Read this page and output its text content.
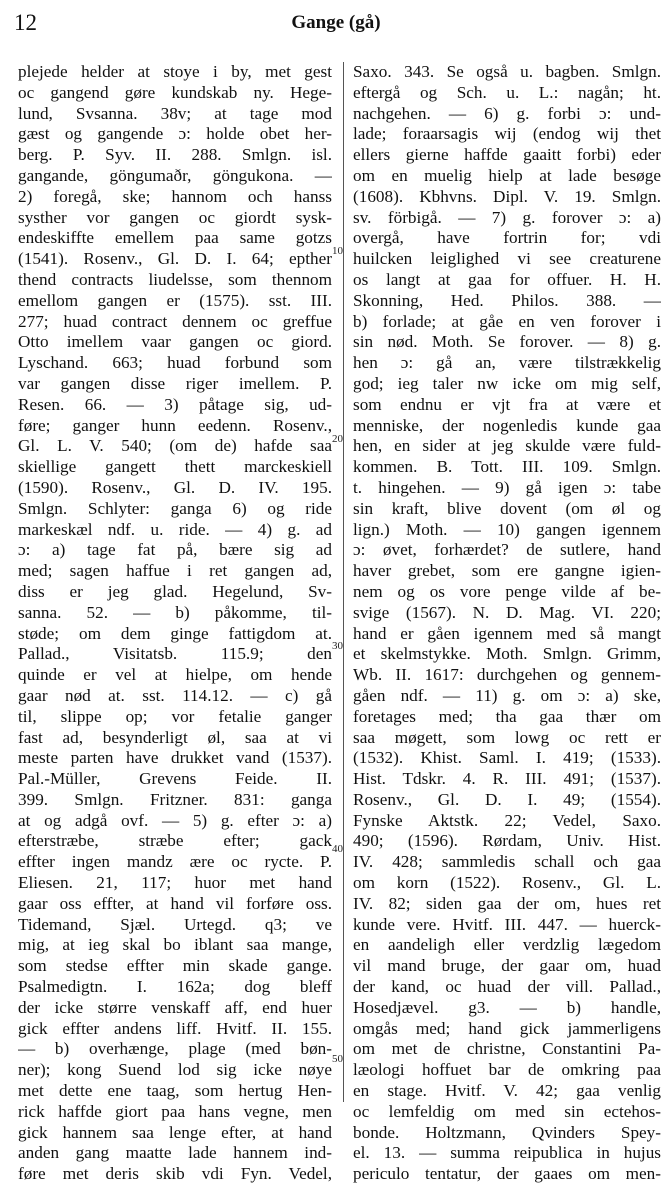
12	Gange (gå)
plejede helder at stoye i by, met gest
oc gangend gøre kundskab ny. Hege-
lund, Svsanna. 38v; at tage mod
gæst og gangende ɔ: holde obet her-
berg. P. Syv. II. 288. Smlgn. isl.
gangande, göngumaðr, göngukona. —
2) foregå, ske; hannom och hanss
systher vor gangen oc giordt sysk-
endeskiffte emellem paa same gotzs
(1541). Rosenv., Gl. D. I. 64; epther
thend contracts liudelsse, som thennom
emellom gangen er (1575). sst. III.
277; huad contract dennem oc greffue
Otto imellem vaar gangen oc giord.
Lyschand. 663; huad forbund som
var gangen disse riger imellem. P.
Resen. 66. — 3) påtage sig, ud-
føre; ganger hunn eedenn. Rosenv.,
Gl. L. V. 540; (om de) hafde saa
skiellige gangett thett marckeskiell
(1590). Rosenv., Gl. D. IV. 195.
Smlgn. Schlyter: ganga 6) og ride
markeskæl ndf. u. ride. — 4) g. ad
ɔ: a) tage fat på, bære sig ad
med; sagen haffue i ret gangen ad,
diss er jeg glad. Hegelund, Sv-
sanna. 52. — b) påkomme, til-
støde; om dem ginge fattigdom at.
Pallad., Visitatsb. 115.9; den
quinde er vel at hielpe, om hende
gaar nød at. sst. 114.12. — c) gå
til, slippe op; vor fetalie ganger
fast ad, besynderligt øl, saa at vi
meste parten have drukket vand (1537).
Pal.-Müller, Grevens Feide. II.
399. Smlgn. Fritzner. 831: ganga
at og adgå ovf. — 5) g. efter ɔ: a)
efterstræbe, stræbe efter; gack
effter ingen mandz ære oc rycte. P.
Eliesen. 21, 117; huor met hand
gaar oss effter, at hand vil forføre oss.
Tidemand, Sjæl. Urtegd. q3; ve
mig, at ieg skal bo iblant saa mange,
som stedse effter min skade gange.
Psalmedigtn. I. 162a; dog bleff
der icke større venskaff aff, end huer
gick effter andens liff. Hvitf. II. 155.
— b) overhænge, plage (med bøn-
ner); kong Suend lod sig icke nøye
met dette ene taag, som hertug Hen-
rick haffde giort paa hans vegne, men
gick hannem saa lenge efter, at hand
anden gang maatte lade hannem ind-
føre met deris skib vdi Fyn. Vedel,
Saxo. 343. Se også u. bagben. Smlgn.
eftergå og Sch. u. L.: nagån; ht.
nachgehen. — 6) g. forbi ɔ: und-
lade; foraarsagis wij (endog wij thet
ellers gierne haffde gaaitt forbi) eder
om en muelig hielp at lade besøge
(1608). Kbhvns. Dipl. V. 19. Smlgn.
sv. förbigå. — 7) g. forover ɔ: a)
overgå, have fortrin for; vdi
huilcken leiglighed vi see creaturene
os langt at gaa for offuer. H. H.
Skonning, Hed. Philos. 388. —
b) forlade; at gåe en ven forover i
sin nød. Moth. Se forover. — 8) g.
hen ɔ: gå an, være tilstrækkelig
god; ieg taler nw icke om mig self,
som endnu er vjt fra at være et
menniske, der nogenledis kunde gaa
hen, en sider at jeg skulde være fuld-
kommen. B. Tott. III. 109. Smlgn.
t. hingehen. — 9) gå igen ɔ: tabe
sin kraft, blive dovent (om øl og
lign.) Moth. — 10) gangen igennem
ɔ: øvet, forhærdet? de sutlere, hand
haver grebet, som ere gangne igien-
nem og os vore penge vilde af be-
svige (1567). N. D. Mag. VI. 220;
hand er gåen igennem med så mangt
et skelmstykke. Moth. Smlgn. Grimm,
Wb. II. 1617: durchgehen og gennem-
gåen ndf. — 11) g. om ɔ: a) ske,
foretages med; tha gaa thær om
saa møgett, som lowg oc rett er
(1532). Khist. Saml. I. 419; (1533).
Hist. Tdskr. 4. R. III. 491; (1537).
Rosenv., Gl. D. I. 49; (1554).
Fynske Aktstk. 22; Vedel, Saxo.
490; (1596). Rørdam, Univ. Hist.
IV. 428; sammledis schall och gaa
om korn (1522). Rosenv., Gl. L.
IV. 82; siden gaa der om, hues ret
kunde vere. Hvitf. III. 447. — huerck-
en aandeligh eller verdzlig lægedom
vil mand bruge, der gaar om, huad
der kand, oc huad der vill. Pallad.,
Hosedjævel. g3. — b) handle,
omgås med; hand gick jammerligens
om met de christne, Constantini Pa-
læologi hoffuet bar de omkring paa
en stage. Hvitf. V. 42; gaa venlig
oc lemfeldig om med sin ectehos-
bonde. Holtzmann, Qvinders Spey-
el. 13. — summa reipublica in hujus
periculo tentatur, der gaaes om men-
10
20
30
40
50
